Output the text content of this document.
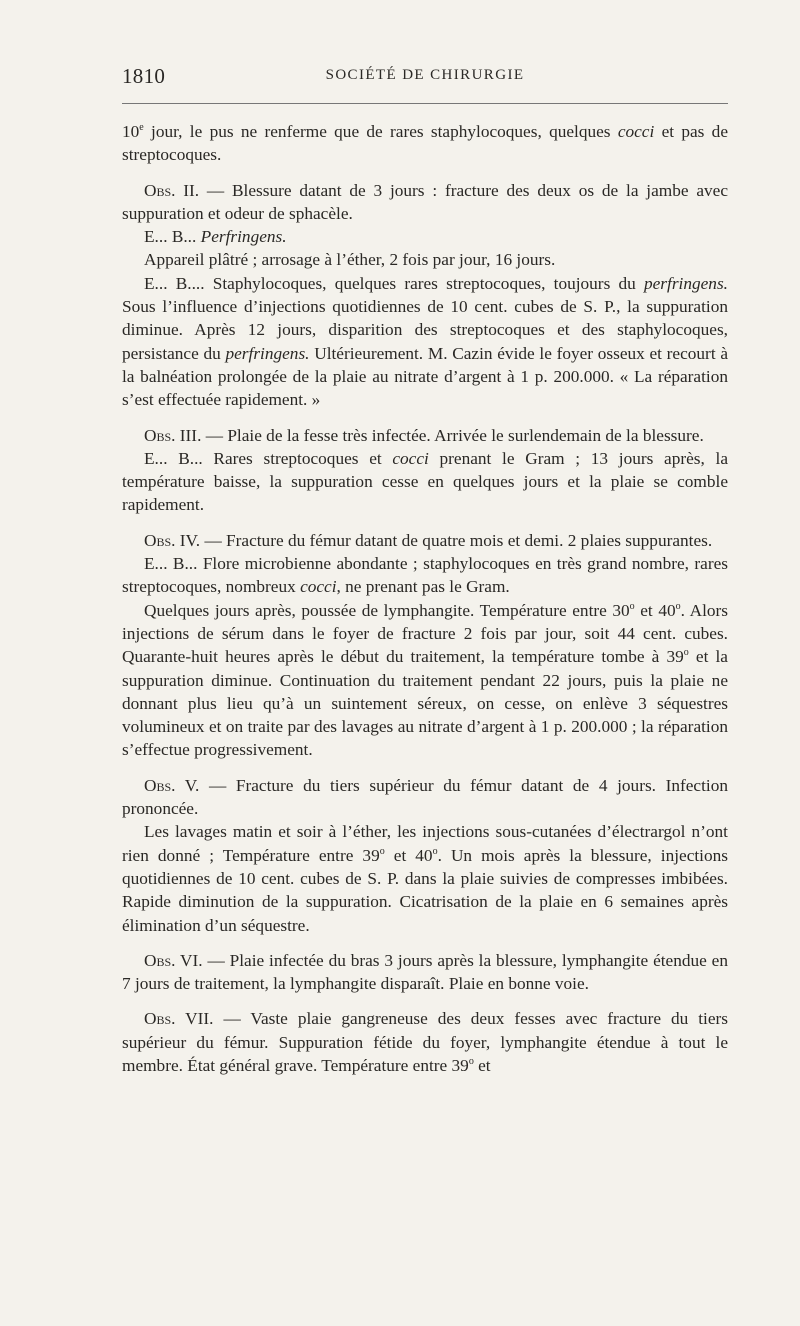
1810	SOCIÉTÉ DE CHIRURGIE

10e jour, le pus ne renferme que de rares staphylocoques, quelques cocci et pas de streptocoques.

Obs. II. — Blessure datant de 3 jours : fracture des deux os de la jambe avec suppuration et odeur de sphacèle.

E... B... Perfringens.

Appareil plâtré ; arrosage à l’éther, 2 fois par jour, 16 jours.

E... B.... Staphylocoques, quelques rares streptocoques, toujours du perfringens. Sous l’influence d’injections quotidiennes de 10 cent. cubes de S. P., la suppuration diminue. Après 12 jours, disparition des streptocoques et des staphylocoques, persistance du perfringens. Ultérieurement. M. Cazin évide le foyer osseux et recourt à la balnéation prolongée de la plaie au nitrate d’argent à 1 p. 200.000. « La réparation s’est effectuée rapidement. »

Obs. III. — Plaie de la fesse très infectée. Arrivée le surlendemain de la blessure.

E... B... Rares streptocoques et cocci prenant le Gram ; 13 jours après, la température baisse, la suppuration cesse en quelques jours et la plaie se comble rapidement.

Obs. IV. — Fracture du fémur datant de quatre mois et demi. 2 plaies suppurantes.

E... B... Flore microbienne abondante ; staphylocoques en très grand nombre, rares streptocoques, nombreux cocci, ne prenant pas le Gram.

Quelques jours après, poussée de lymphangite. Température entre 30$^o$ et 40$^o$. Alors injections de sérum dans le foyer de fracture 2 fois par jour, soit 44 cent. cubes. Quarante-huit heures après le début du traitement, la température tombe à 39$^o$ et la suppuration diminue. Continuation du traitement pendant 22 jours, puis la plaie ne donnant plus lieu qu’à un suintement séreux, on cesse, on enlève 3 séquestres volumineux et on traite par des lavages au nitrate d’argent à 1 p. 200.000 ; la réparation s’effectue progressivement.

Obs. V. — Fracture du tiers supérieur du fémur datant de 4 jours. Infection prononcée.

Les lavages matin et soir à l’éther, les injections sous-cutanées d’électrargol n’ont rien donné ; Température entre 39$^o$ et 40$^o$. Un mois après la blessure, injections quotidiennes de 10 cent. cubes de S. P. dans la plaie suivies de compresses imbibées. Rapide diminution de la suppuration. Cicatrisation de la plaie en 6 semaines après élimination d’un séquestre.

Obs. VI. — Plaie infectée du bras 3 jours après la blessure, lymphangite étendue en 7 jours de traitement, la lymphangite disparaît. Plaie en bonne voie.

Obs. VII. — Vaste plaie gangreneuse des deux fesses avec fracture du tiers supérieur du fémur. Suppuration fétide du foyer, lymphangite étendue à tout le membre. État général grave. Température entre 39$^o$ et
